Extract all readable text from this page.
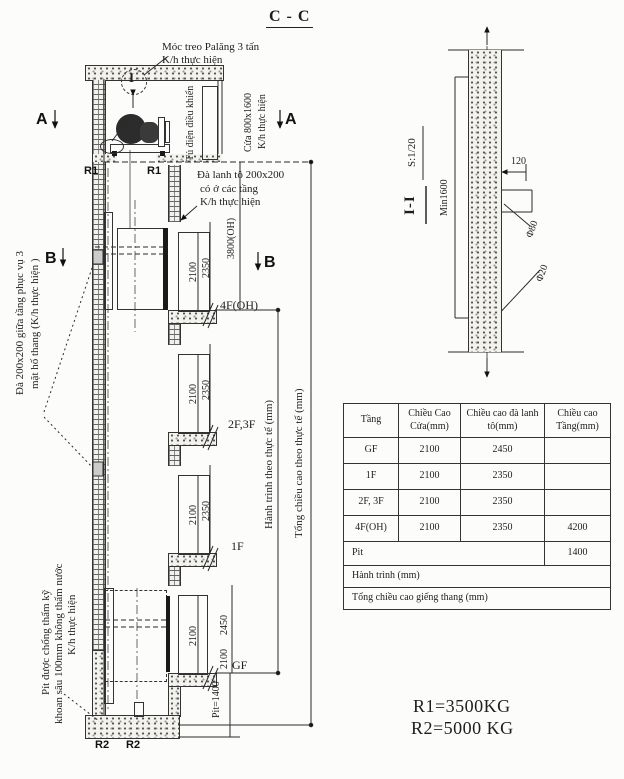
C - C
I
Móc treo Palăng 3 tấn
K/h thực hiện
A	A
B	B
Tủ điện điều khiển	Cửa 800x1600 K/h thực hiện
R1	R1
R2 R2
Đà lanh tô 200x200
có ở các tầng
K/h thực hiện
Đà 200x200 giữa tầng phục vụ 3 mặt hố thang (K/h thực hiện )
Pít được chống thấm kỹ khoan sâu 100mm không thấm nước K/h thực hiện
2100 2350
2100 2350
2100 2350
2100
2450
2100
4F(OH)
2F,3F
1F
GF
3800(OH)
Hành trình theo thực tế (mm) Tổng chiều cao theo thực tế (mm)
Pit=1400
I-I
S:1/20
Min1600
120
Φ80
Φ20
Tầng	Chiều Cao Cửa(mm)	Chiều cao đà lanh tô(mm)	Chiều cao Tầng(mm)
GF	2100	2450	
1F	2100	2350	
2F, 3F	2100	2350	
4F(OH)	2100	2350	4200
Pit			1400
Hành trình (mm)			
Tổng chiều cao giếng thang (mm)			
R1=3500KG
R2=5000 KG
